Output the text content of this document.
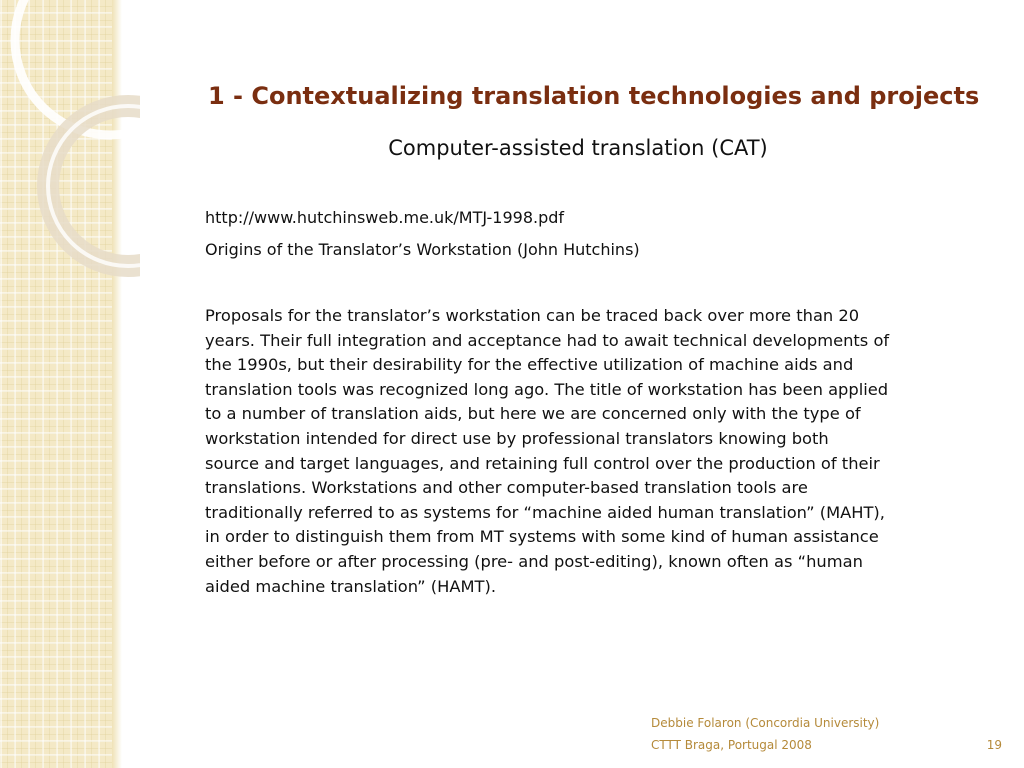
1 - Contextualizing translation technologies and projects
Computer-assisted translation (CAT)
http://www.hutchinsweb.me.uk/MTJ-1998.pdf
Origins of the Translator’s Workstation (John Hutchins)

Proposals for the translator’s workstation can be traced back over more than 20
years. Their full integration and acceptance had to await technical developments of
the 1990s, but their desirability for the effective utilization of machine aids and
translation tools was recognized long ago. The title of workstation has been applied
to a number of translation aids, but here we are concerned only with the type of
workstation intended for direct use by professional translators knowing both
source and target languages, and retaining full control over the production of their
translations. Workstations and other computer-based translation tools are
traditionally referred to as systems for “machine aided human translation” (MAHT),
in order to distinguish them from MT systems with some kind of human assistance
either before or after processing (pre- and post-editing), known often as “human
aided machine translation” (HAMT).

Debbie Folaron (Concordia University)
CTTT Braga, Portugal 2008	19
